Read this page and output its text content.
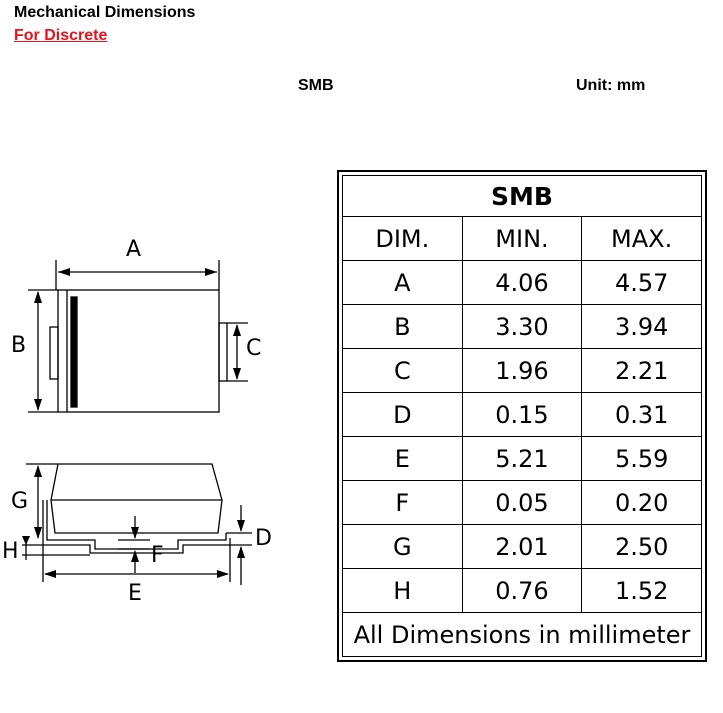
Mechanical Dimensions
For Discrete
SMB	Unit: mm
A
B	C
G
H	F
D
E
SMB		
DIM.	MIN.	MAX.
A	4.06	4.57
B	3.30	3.94
C	1.96	2.21
D	0.15	0.31
E	5.21	5.59
F	0.05	0.20
G	2.01	2.50
H	0.76	1.52
All Dimensions in millimeter		
